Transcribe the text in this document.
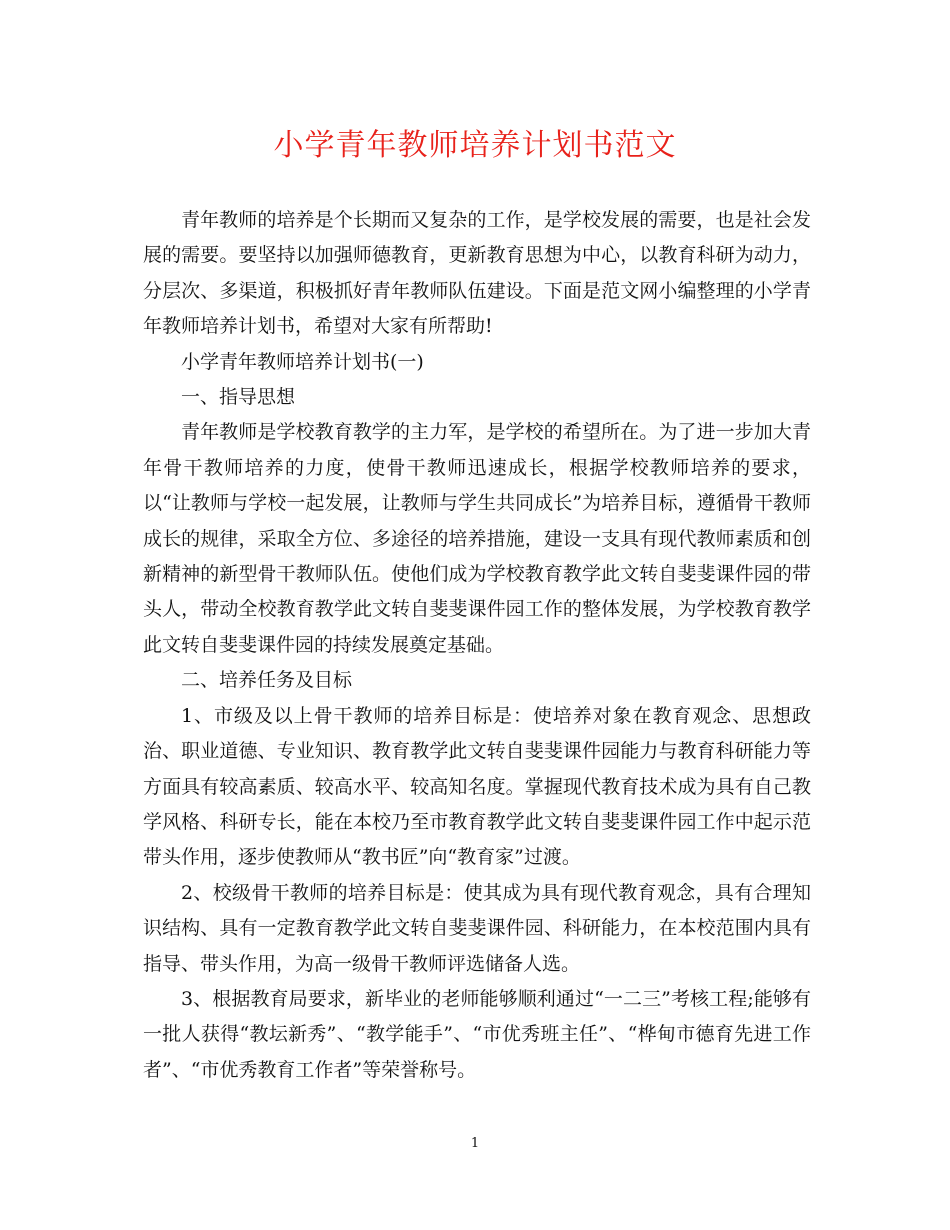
小学青年教师培养计划书范文

青年教师的培养是个长期而又复杂的工作，是学校发展的需要，也是社会发展的需要。要坚持以加强师德教育，更新教育思想为中心，以教育科研为动力，分层次、多渠道，积极抓好青年教师队伍建设。下面是范文网小编整理的小学青年教师培养计划书，希望对大家有所帮助!

小学青年教师培养计划书(一)

一、指导思想

青年教师是学校教育教学的主力军，是学校的希望所在。为了进一步加大青年骨干教师培养的力度，使骨干教师迅速成长，根据学校教师培养的要求，以“让教师与学校一起发展，让教师与学生共同成长”为培养目标，遵循骨干教师成长的规律，采取全方位、多途径的培养措施，建设一支具有现代教师素质和创新精神的新型骨干教师队伍。使他们成为学校教育教学此文转自斐斐课件园的带头人，带动全校教育教学此文转自斐斐课件园工作的整体发展，为学校教育教学此文转自斐斐课件园的持续发展奠定基础。

二、培养任务及目标

1、市级及以上骨干教师的培养目标是：使培养对象在教育观念、思想政治、职业道德、专业知识、教育教学此文转自斐斐课件园能力与教育科研能力等方面具有较高素质、较高水平、较高知名度。掌握现代教育技术成为具有自己教学风格、科研专长，能在本校乃至市教育教学此文转自斐斐课件园工作中起示范带头作用，逐步使教师从“教书匠”向“教育家”过渡。

2、校级骨干教师的培养目标是：使其成为具有现代教育观念，具有合理知识结构、具有一定教育教学此文转自斐斐课件园、科研能力，在本校范围内具有指导、带头作用，为高一级骨干教师评选储备人选。

3、根据教育局要求，新毕业的老师能够顺利通过“一二三”考核工程;能够有一批人获得“教坛新秀”、“教学能手”、“市优秀班主任”、“桦甸市德育先进工作者”、“市优秀教育工作者”等荣誉称号。

1
